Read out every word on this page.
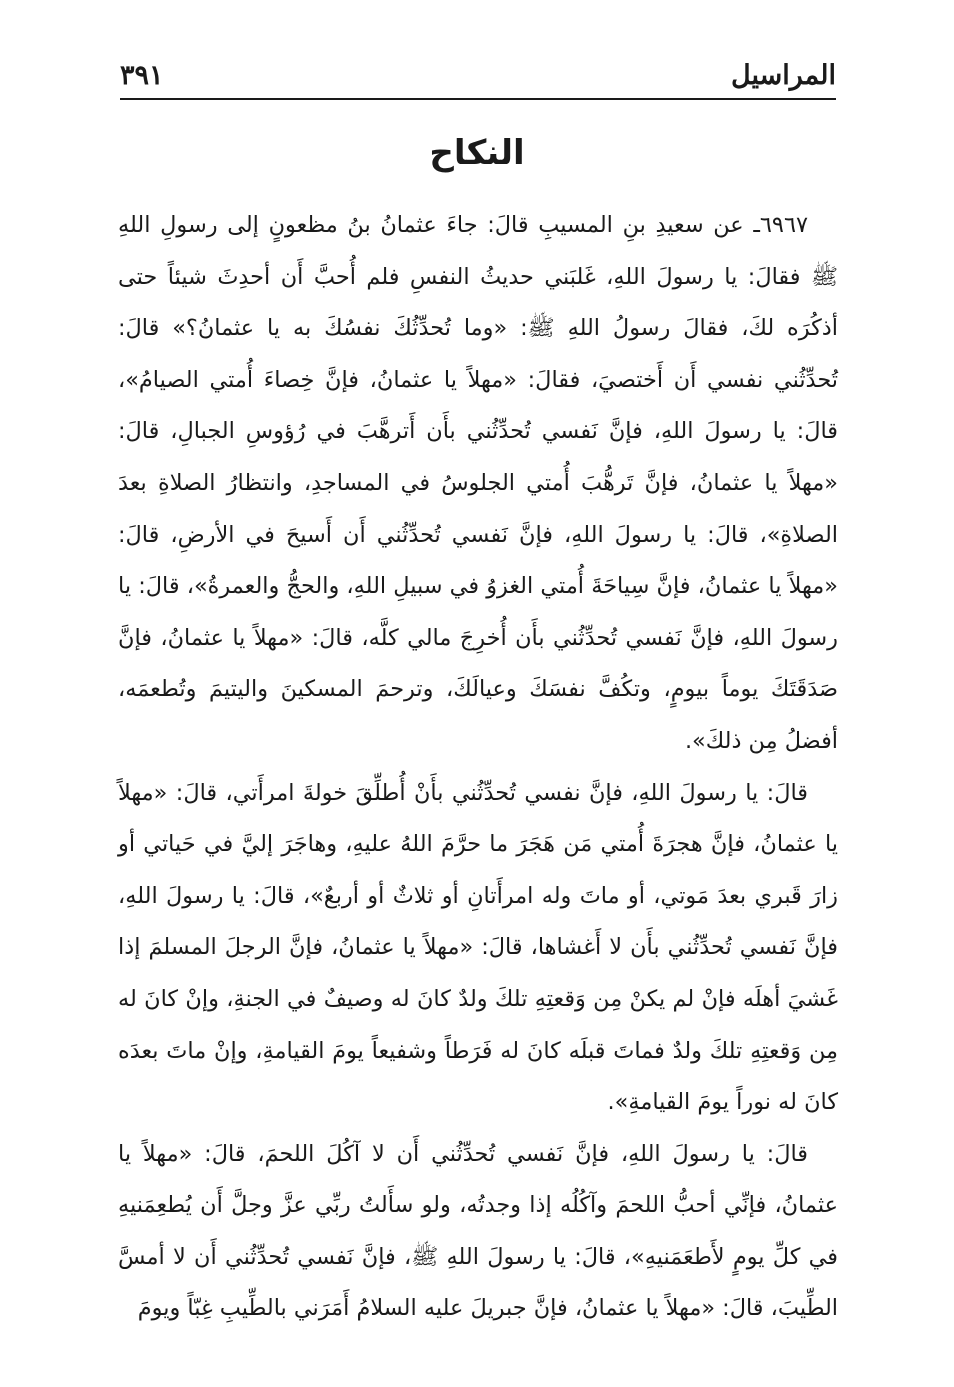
المراسيل
٣٩١
النكاح

٦٩٦٧ـ عن سعيدِ بنِ المسيبِ قالَ: جاءَ عثمانُ بنُ مظعونٍ إلى رسولِ اللهِ ﷺ فقالَ: يا رسولَ اللهِ، غَلبَني حديثُ النفسِ فلم أُحبَّ أَن أحدِثَ شيئاً حتى أذكُرَه لكَ، فقالَ رسولُ اللهِ ﷺ: «وما تُحدِّثُكَ نفسُكَ به يا عثمانُ؟» قالَ: تُحدِّثُني نفسي أَن أَختصيَ، فقالَ: «مهلاً يا عثمانُ، فإنَّ خِصاءَ أُمتي الصيامُ»، قالَ: يا رسولَ اللهِ، فإنَّ نَفسي تُحدِّثُني بأَن أَترهَّبَ في رُؤوسِ الجبالِ، قالَ: «مهلاً يا عثمانُ، فإنَّ تَرهُّبَ أُمتي الجلوسُ في المساجدِ، وانتظارُ الصلاةِ بعدَ الصلاةِ»، قالَ: يا رسولَ اللهِ، فإنَّ نَفسي تُحدِّثُني أَن أَسيحَ في الأرضِ، قالَ: «مهلاً يا عثمانُ، فإنَّ سِياحَةَ أُمتي الغزوُ في سبيلِ اللهِ، والحجُّ والعمرةُ»، قالَ: يا رسولَ اللهِ، فإنَّ نَفسي تُحدِّثُني بأَن أُخرِجَ مالي كلَّه، قالَ: «مهلاً يا عثمانُ، فإنَّ صَدَقَتَكَ يوماً بيومٍ، وتكُفَّ نفسَكَ وعيالَكَ، وترحمَ المسكينَ واليتيمَ وتُطعمَه، أفضلُ مِن ذلكَ».

قالَ: يا رسولَ اللهِ، فإنَّ نفسي تُحدِّثُني بأَنْ أُطلِّقَ خولةَ امرأَتي، قالَ: «مهلاً يا عثمانُ، فإنَّ هجرَةَ أُمتي مَن هَجَرَ ما حرَّمَ اللهُ عليهِ، وهاجَرَ إليَّ في حَياتي أو زارَ قَبري بعدَ مَوتي، أو ماتَ وله امرأَتانِ أو ثلاثٌ أو أربعٌ»، قالَ: يا رسولَ اللهِ، فإنَّ نَفسي تُحدِّثُني بأَن لا أَغشاها، قالَ: «مهلاً يا عثمانُ، فإنَّ الرجلَ المسلمَ إذا غَشيَ أهلَه فإنْ لم يكنْ مِن وَقعتِهِ تلكَ ولدٌ كانَ له وصيفٌ في الجنةِ، وإنْ كانَ له مِن وَقعتِهِ تلكَ ولدٌ فماتَ قبلَه كانَ له فَرَطاً وشفيعاً يومَ القيامةِ، وإنْ ماتَ بعدَه كانَ له نوراً يومَ القيامةِ».

قالَ: يا رسولَ اللهِ، فإنَّ نَفسي تُحدِّثُني أَن لا آكُلَ اللحمَ، قالَ: «مهلاً يا عثمانُ، فإنِّي أحبُّ اللحمَ وآكُلُه إذا وجدتُه، ولو سأَلتُ ربِّي عزَّ وجلَّ أَن يُطعِمَنيهِ في كلِّ يومٍ لأَطعَمَنيهِ»، قالَ: يا رسولَ اللهِ ﷺ، فإنَّ نَفسي تُحدِّثُني أَن لا أمسَّ الطِّيبَ، قالَ: «مهلاً يا عثمانُ، فإنَّ جبريلَ عليه السلامُ أَمَرَني بالطِّيبِ غِبّاً ويومَ
